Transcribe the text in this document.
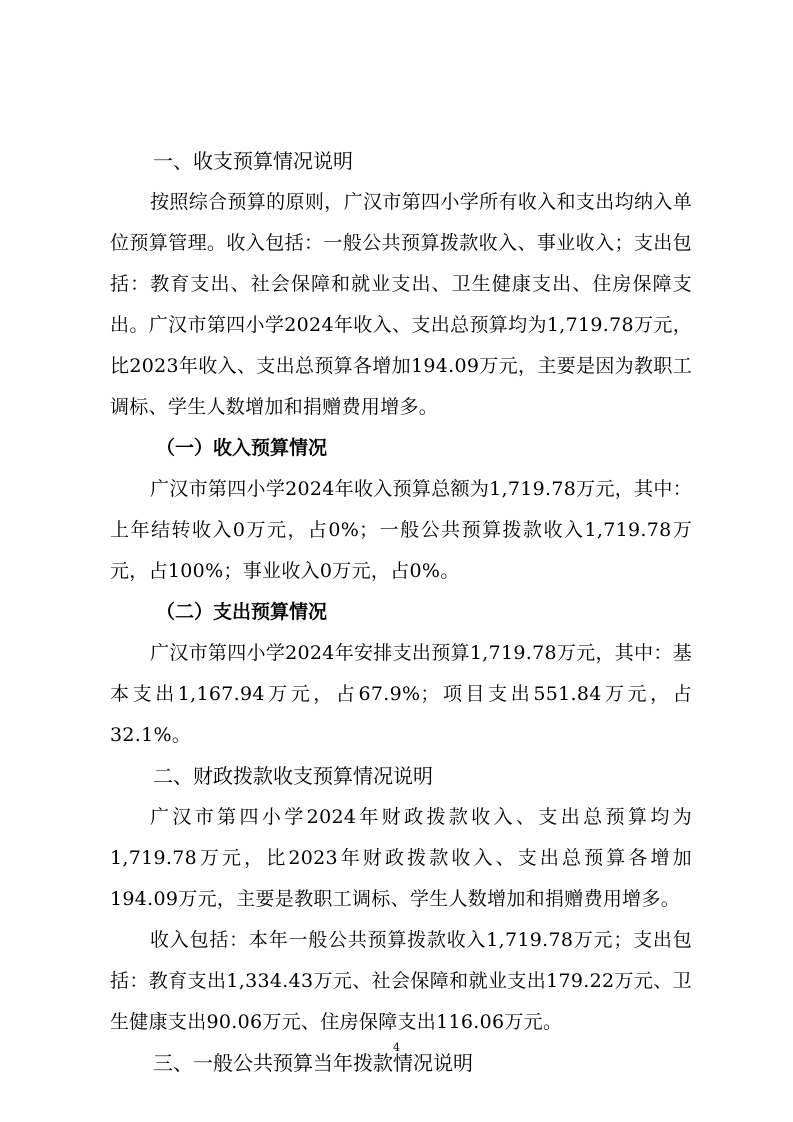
一、收支预算情况说明

按照综合预算的原则，广汉市第四小学所有收入和支出均纳入单位预算管理。收入包括：一般公共预算拨款收入、事业收入；支出包括：教育支出、社会保障和就业支出、卫生健康支出、住房保障支出。广汉市第四小学2024年收入、支出总预算均为1,719.78万元，比2023年收入、支出总预算各增加194.09万元，主要是因为教职工调标、学生人数增加和捐赠费用增多。

（一）收入预算情况

广汉市第四小学2024年收入预算总额为1,719.78万元，其中：上年结转收入0万元，占0%；一般公共预算拨款收入1,719.78万元，占100%；事业收入0万元，占0%。

（二）支出预算情况

广汉市第四小学2024年安排支出预算1,719.78万元，其中：基本支出1,167.94万元，占67.9%；项目支出551.84万元，占32.1%。

二、财政拨款收支预算情况说明

广汉市第四小学2024年财政拨款收入、支出总预算均为1,719.78万元，比2023年财政拨款收入、支出总预算各增加194.09万元，主要是教职工调标、学生人数增加和捐赠费用增多。

收入包括：本年一般公共预算拨款收入1,719.78万元；支出包括：教育支出1,334.43万元、社会保障和就业支出179.22万元、卫生健康支出90.06万元、住房保障支出116.06万元。

三、一般公共预算当年拨款情况说明

4
